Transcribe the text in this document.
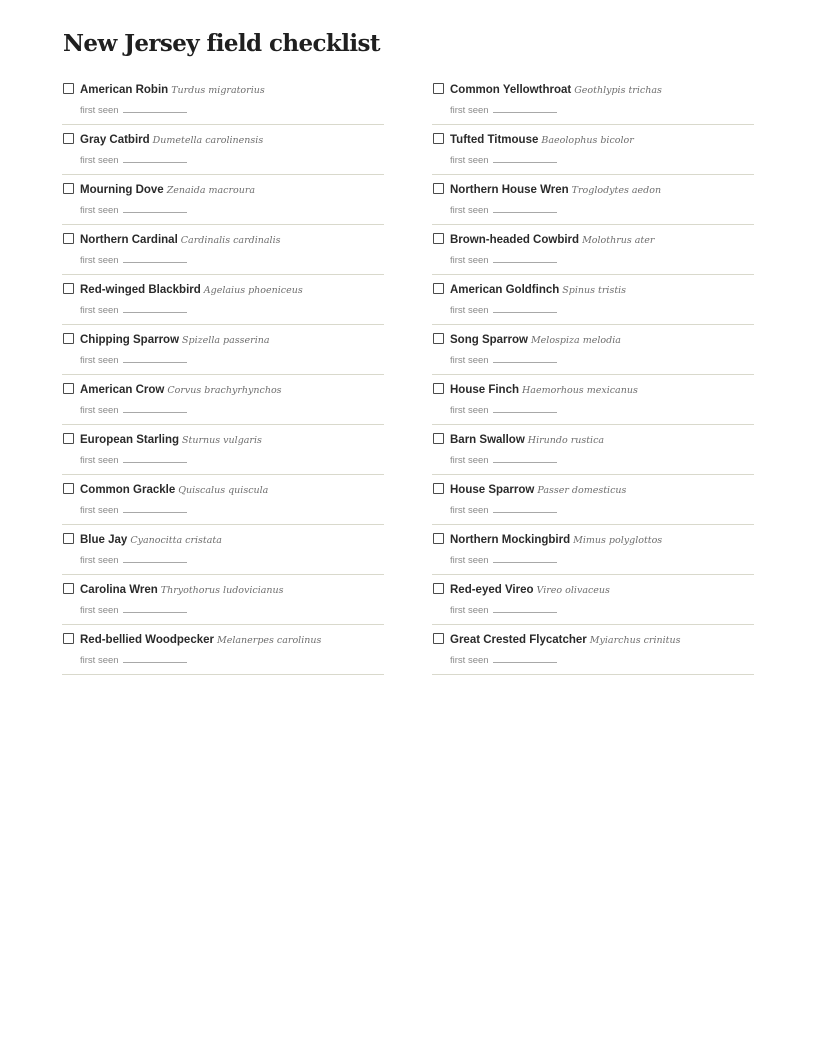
New Jersey field checklist
American Robin Turdus migratorius
first seen
Gray Catbird Dumetella carolinensis
first seen
Mourning Dove Zenaida macroura
first seen
Northern Cardinal Cardinalis cardinalis
first seen
Red-winged Blackbird Agelaius phoeniceus
first seen
Chipping Sparrow Spizella passerina
first seen
American Crow Corvus brachyrhynchos
first seen
European Starling Sturnus vulgaris
first seen
Common Grackle Quiscalus quiscula
first seen
Blue Jay Cyanocitta cristata
first seen
Carolina Wren Thryothorus ludovicianus
first seen
Red-bellied Woodpecker Melanerpes carolinus
first seen
Common Yellowthroat Geothlypis trichas
first seen
Tufted Titmouse Baeolophus bicolor
first seen
Northern House Wren Troglodytes aedon
first seen
Brown-headed Cowbird Molothrus ater
first seen
American Goldfinch Spinus tristis
first seen
Song Sparrow Melospiza melodia
first seen
House Finch Haemorhous mexicanus
first seen
Barn Swallow Hirundo rustica
first seen
House Sparrow Passer domesticus
first seen
Northern Mockingbird Mimus polyglottos
first seen
Red-eyed Vireo Vireo olivaceus
first seen
Great Crested Flycatcher Myiarchus crinitus
first seen
